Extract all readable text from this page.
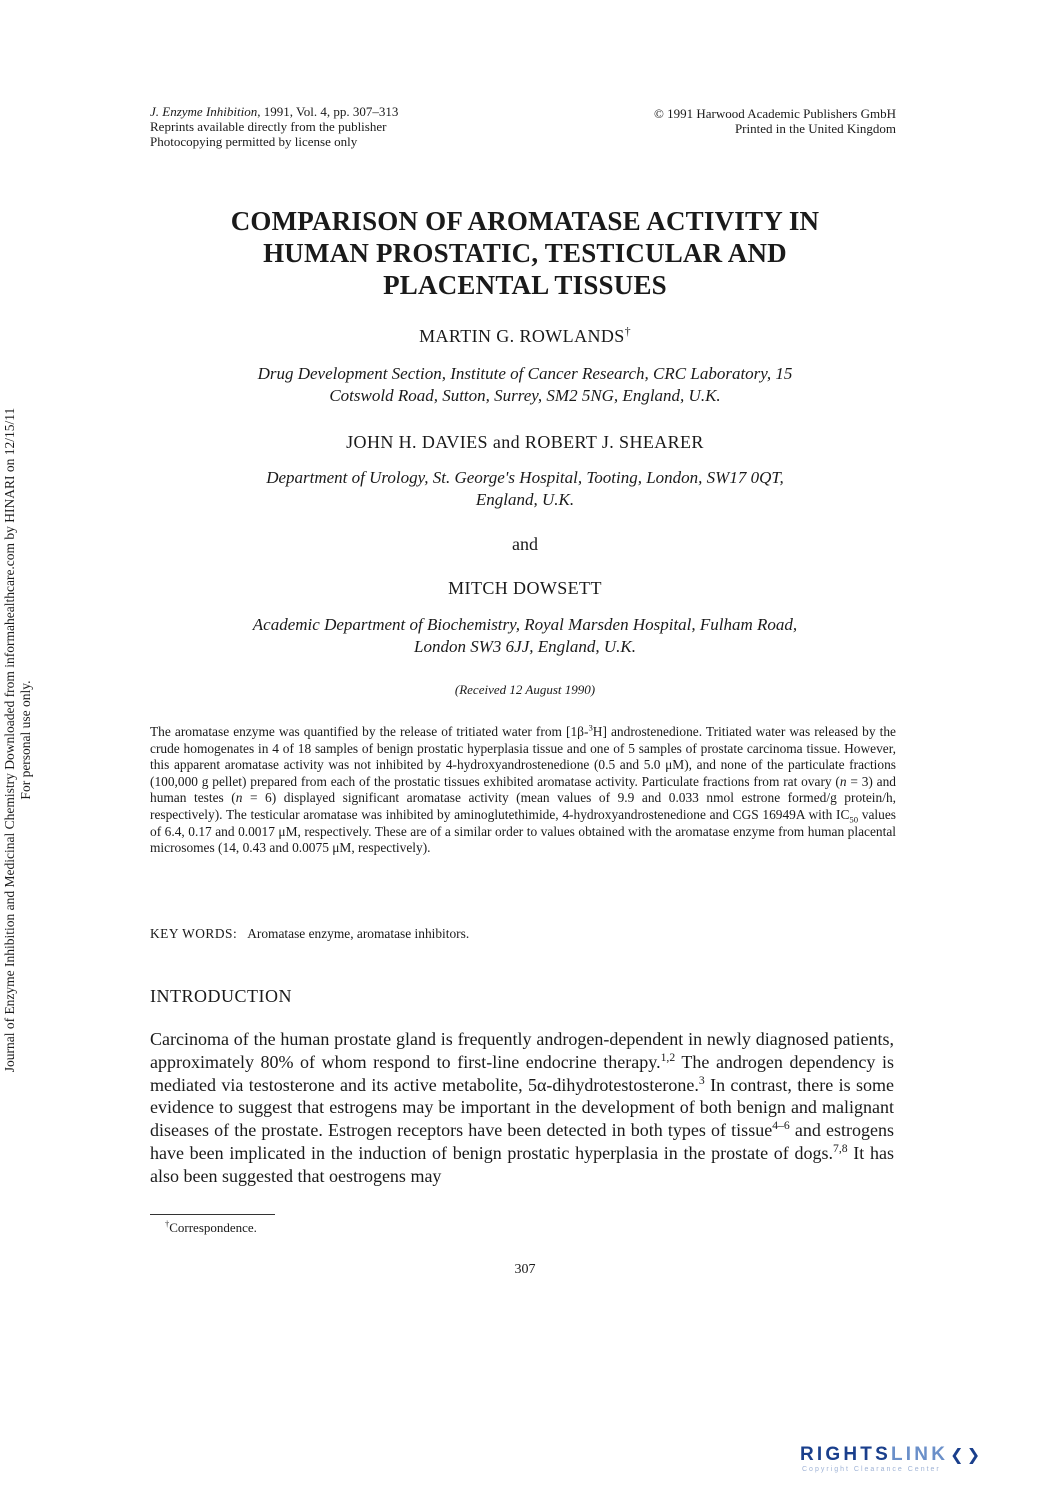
J. Enzyme Inhibition, 1991, Vol. 4, pp. 307–313
Reprints available directly from the publisher
Photocopying permitted by license only
© 1991 Harwood Academic Publishers GmbH
Printed in the United Kingdom
COMPARISON OF AROMATASE ACTIVITY IN
HUMAN PROSTATIC, TESTICULAR AND
PLACENTAL TISSUES
MARTIN G. ROWLANDS†
Drug Development Section, Institute of Cancer Research, CRC Laboratory, 15
Cotswold Road, Sutton, Surrey, SM2 5NG, England, U.K.
JOHN H. DAVIES and ROBERT J. SHEARER
Department of Urology, St. George's Hospital, Tooting, London, SW17 0QT,
England, U.K.
and
MITCH DOWSETT
Academic Department of Biochemistry, Royal Marsden Hospital, Fulham Road,
London SW3 6JJ, England, U.K.
(Received 12 August 1990)
The aromatase enzyme was quantified by the release of tritiated water from [1β-$^3$H] androstenedione. Tritiated water was released by the crude homogenates in 4 of 18 samples of benign prostatic hyperplasia tissue and one of 5 samples of prostate carcinoma tissue. However, this apparent aromatase activity was not inhibited by 4-hydroxyandrostenedione (0.5 and 5.0 μM), and none of the particulate fractions (100,000 g pellet) prepared from each of the prostatic tissues exhibited aromatase activity. Particulate fractions from rat ovary (n = 3) and human testes (n = 6) displayed significant aromatase activity (mean values of 9.9 and 0.033 nmol estrone formed/g protein/h, respectively). The testicular aromatase was inhibited by aminoglutethimide, 4-hydroxyandrostenedione and CGS 16949A with $IC_{50}$ values of 6.4, 0.17 and 0.0017 μM, respectively. These are of a similar order to values obtained with the aromatase enzyme from human placental microsomes (14, 0.43 and 0.0075 μM, respectively).
KEY WORDS: Aromatase enzyme, aromatase inhibitors.
INTRODUCTION
Carcinoma of the human prostate gland is frequently androgen-dependent in newly diagnosed patients, approximately 80% of whom respond to first-line endocrine therapy.$^{1,2}$ The androgen dependency is mediated via testosterone and its active metabolite, 5α-dihydrotestosterone.$^3$ In contrast, there is some evidence to suggest that estrogens may be important in the development of both benign and malignant diseases of the prostate. Estrogen receptors have been detected in both types of tissue$^{4-6}$ and estrogens have been implicated in the induction of benign prostatic hyperplasia in the prostate of dogs.$^{7,8}$ It has also been suggested that oestrogens may
†Correspondence.
307
Journal of Enzyme Inhibition and Medicinal Chemistry Downloaded from informahealthcare.com by HINARI on 12/15/11 For personal use only.
RIGHTSLINK ❮❯
Copyright Clearance Center
